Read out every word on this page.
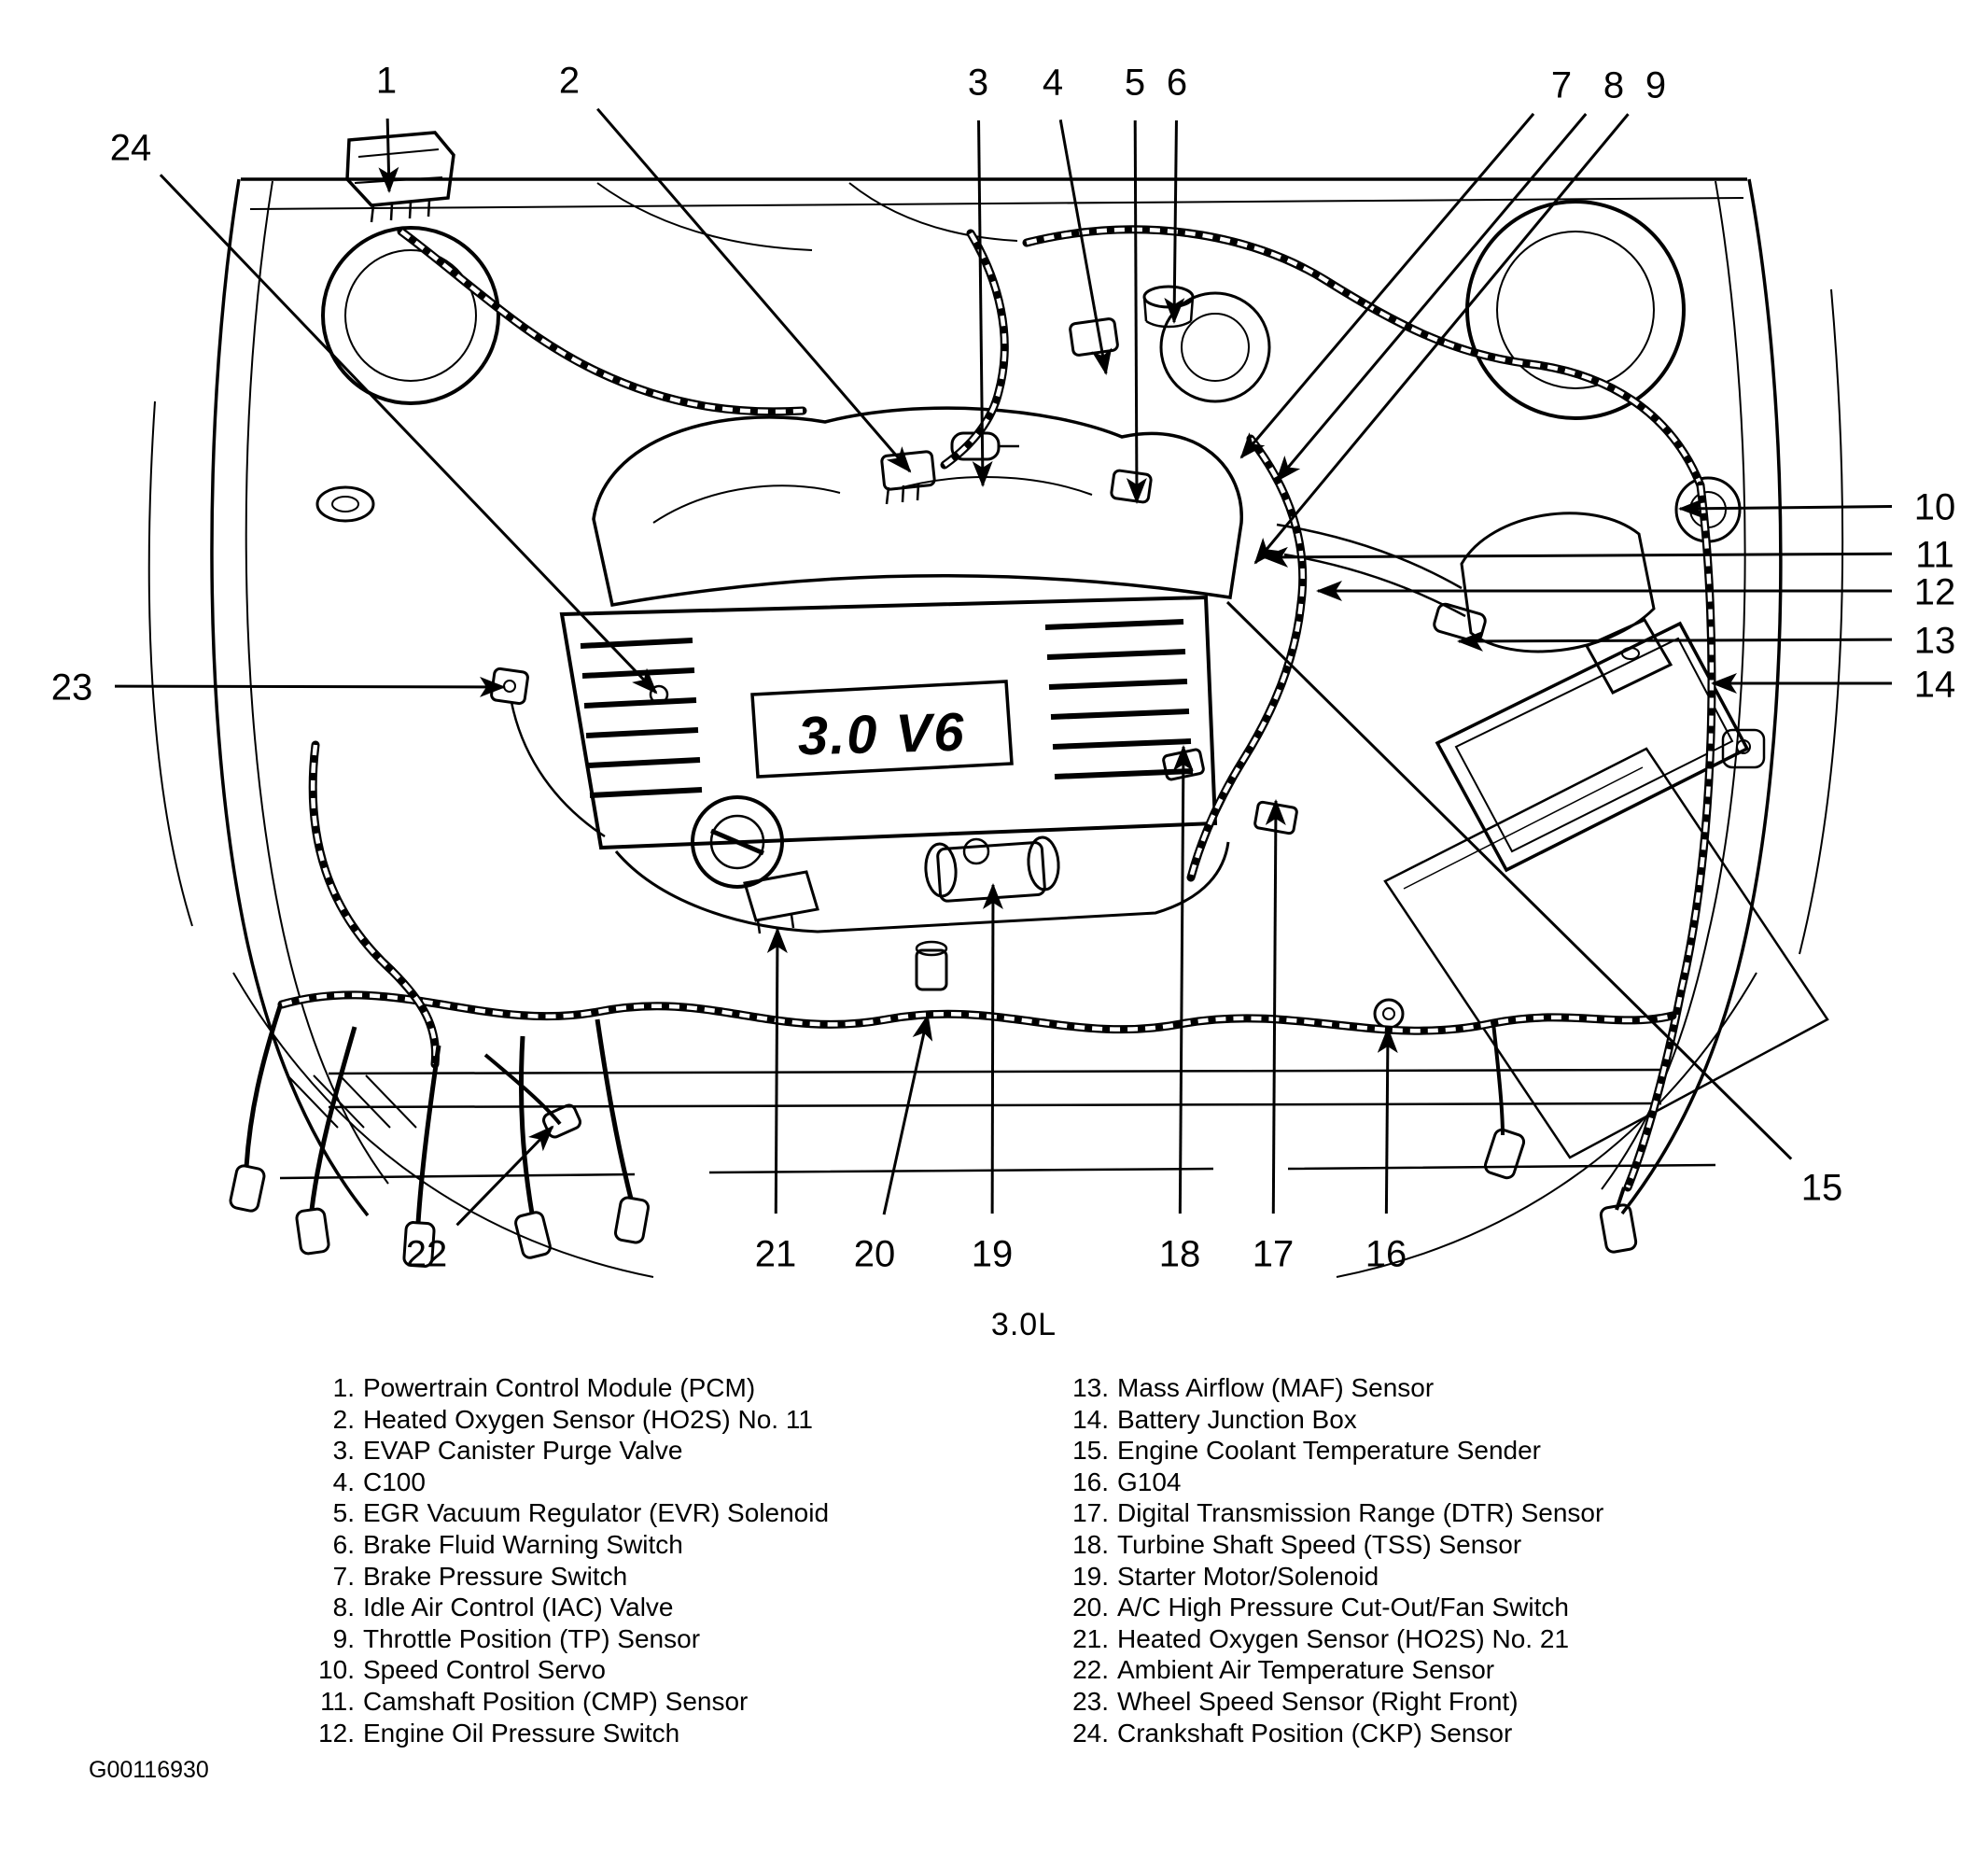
3.0 V6
1	2	3 4 5 6	7 8 9
10
11
12
13
14
15
16
17
18
19
20
21
22
23
24
3.0L
1. Powertrain Control Module (PCM)
2. Heated Oxygen Sensor (HO2S) No. 11
3. EVAP Canister Purge Valve
4. C100
5. EGR Vacuum Regulator (EVR) Solenoid
6. Brake Fluid Warning Switch
7. Brake Pressure Switch
8. Idle Air Control (IAC) Valve
9. Throttle Position (TP) Sensor
10. Speed Control Servo
11. Camshaft Position (CMP) Sensor
12. Engine Oil Pressure Switch
13. Mass Airflow (MAF) Sensor
14. Battery Junction Box
15. Engine Coolant Temperature Sender
16. G104
17. Digital Transmission Range (DTR) Sensor
18. Turbine Shaft Speed (TSS) Sensor
19. Starter Motor/Solenoid
20. A/C High Pressure Cut-Out/Fan Switch
21. Heated Oxygen Sensor (HO2S) No. 21
22. Ambient Air Temperature Sensor
23. Wheel Speed Sensor (Right Front)
24. Crankshaft Position (CKP) Sensor
G00116930
